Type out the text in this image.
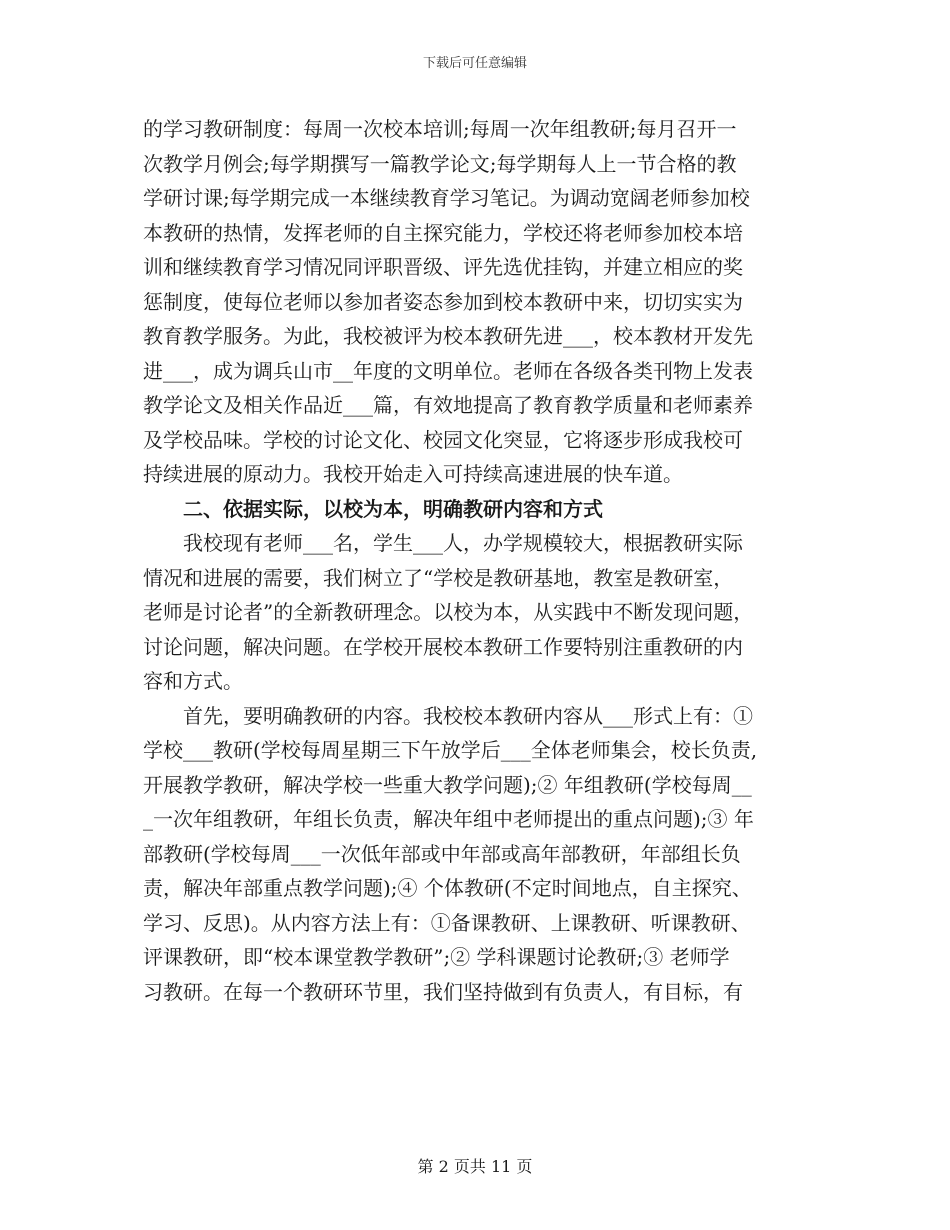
下载后可任意编辑
的学习教研制度：每周一次校本培训;每周一次年组教研;每月召开一
次教学月例会;每学期撰写一篇教学论文;每学期每人上一节合格的教
学研讨课;每学期完成一本继续教育学习笔记。为调动宽阔老师参加校
本教研的热情，发挥老师的自主探究能力，学校还将老师参加校本培
训和继续教育学习情况同评职晋级、评先选优挂钩，并建立相应的奖
惩制度，使每位老师以参加者姿态参加到校本教研中来，切切实实为
教育教学服务。为此，我校被评为校本教研先进___，校本教材开发先
进___，成为调兵山市__年度的文明单位。老师在各级各类刊物上发表
教学论文及相关作品近___篇，有效地提高了教育教学质量和老师素养
及学校品味。学校的讨论文化、校园文化突显，它将逐步形成我校可
持续进展的原动力。我校开始走入可持续高速进展的快车道。
二、依据实际，以校为本，明确教研内容和方式
我校现有老师___名，学生___人，办学规模较大，根据教研实际
情况和进展的需要，我们树立了“学校是教研基地，教室是教研室，
老师是讨论者”的全新教研理念。以校为本，从实践中不断发现问题，
讨论问题，解决问题。在学校开展校本教研工作要特别注重教研的内
容和方式。
首先，要明确教研的内容。我校校本教研内容从___形式上有：①
学校___教研(学校每周星期三下午放学后___全体老师集会，校长负责,
开展教学教研，解决学校一些重大教学问题);② 年组教研(学校每周__
_一次年组教研，年组长负责，解决年组中老师提出的重点问题);③ 年
部教研(学校每周___一次低年部或中年部或高年部教研，年部组长负
责，解决年部重点教学问题);④ 个体教研(不定时间地点，自主探究、
学习、反思)。从内容方法上有：①备课教研、上课教研、听课教研、
评课教研，即“校本课堂教学教研”;② 学科课题讨论教研;③ 老师学
习教研。在每一个教研环节里，我们坚持做到有负责人，有目标，有
第 2 页共 11 页
